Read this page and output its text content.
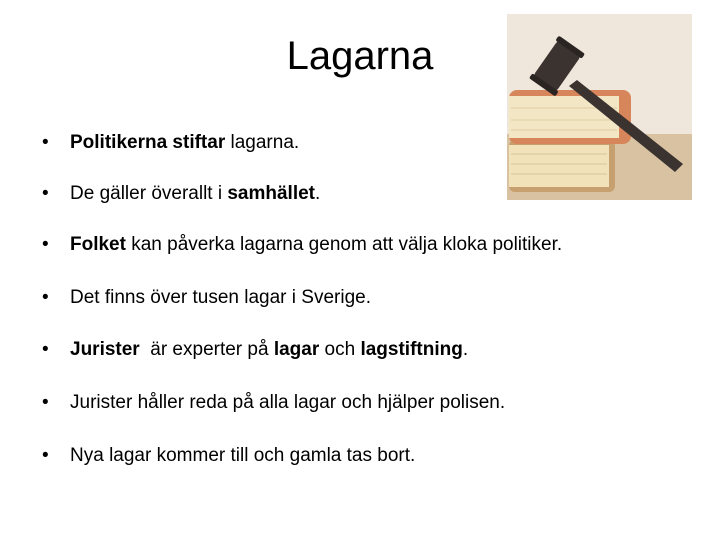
Lagarna
• Politikerna stiftar lagarna.
• De gäller överallt i samhället.
• Folket kan påverka lagarna genom att välja kloka politiker.
• Det finns över tusen lagar i Sverige.
• Jurister  är experter på lagar och lagstiftning.
• Jurister håller reda på alla lagar och hjälper polisen.
• Nya lagar kommer till och gamla tas bort.
